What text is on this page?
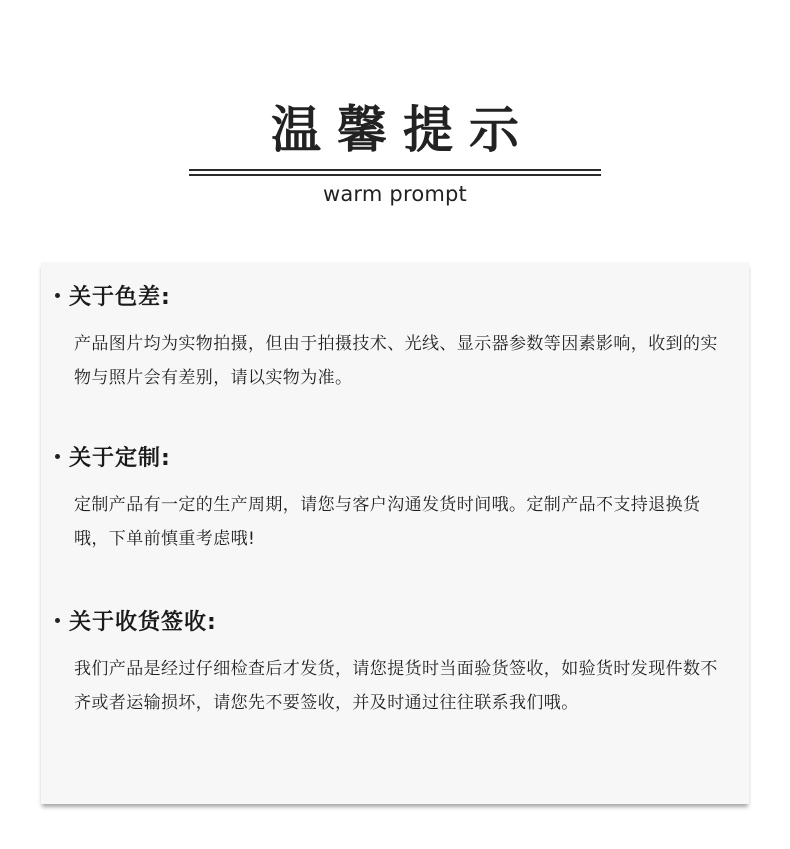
温馨提示
warm prompt
关于色差:
产品图片均为实物拍摄，但由于拍摄技术、光线、显示器参数等因素影响，收到的实物与照片会有差别，请以实物为准。
关于定制:
定制产品有一定的生产周期，请您与客户沟通发货时间哦。定制产品不支持退换货哦，下单前慎重考虑哦!
关于收货签收:
我们产品是经过仔细检查后才发货，请您提货时当面验货签收，如验货时发现件数不齐或者运输损坏，请您先不要签收，并及时通过往往联系我们哦。
